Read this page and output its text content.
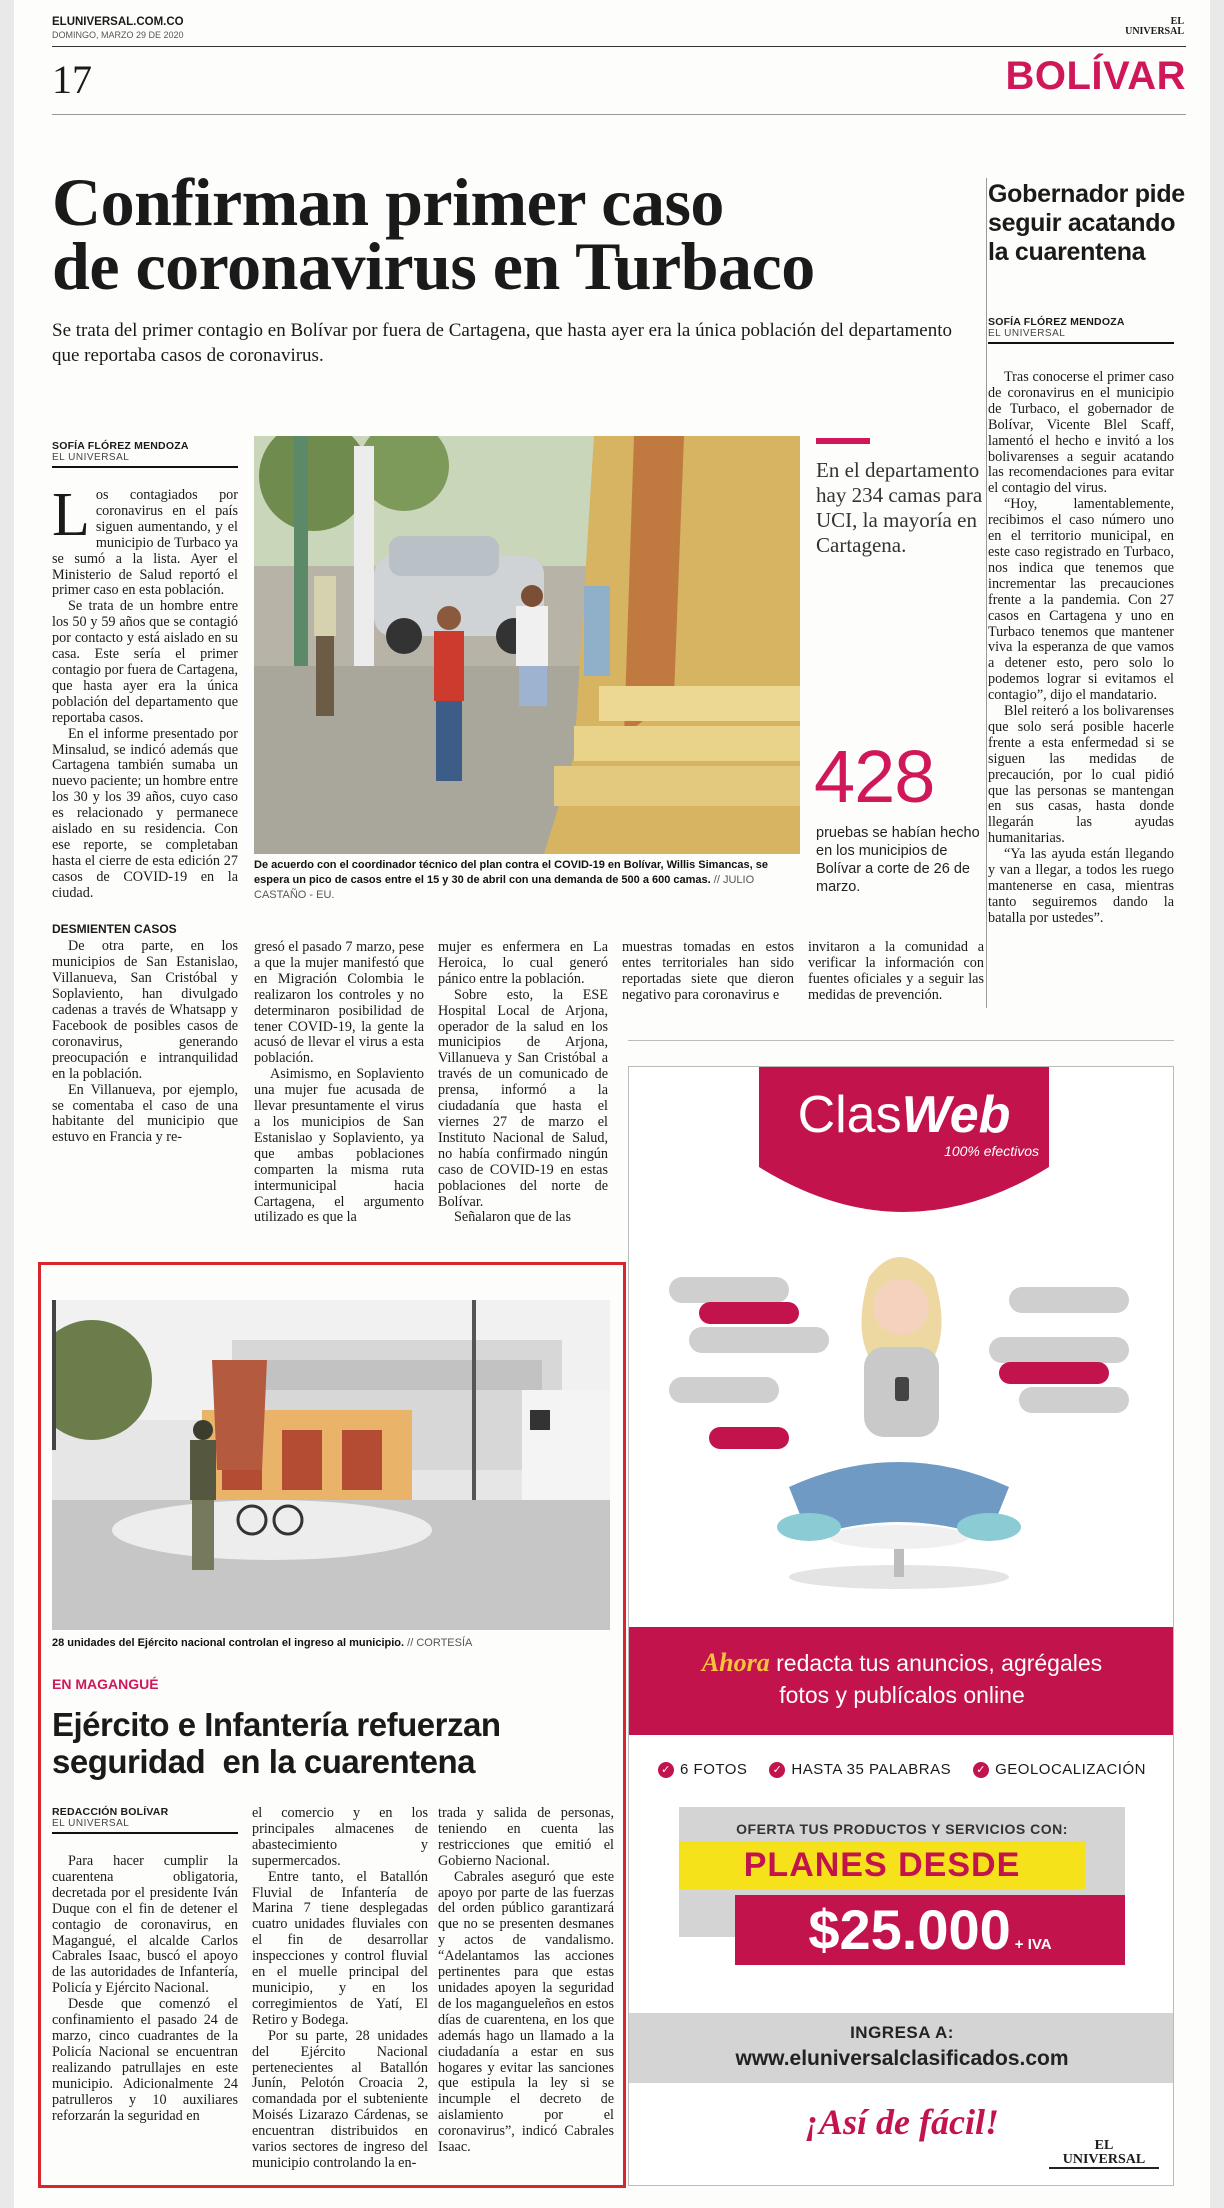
ELUNIVERSAL.COM.CO
DOMINGO, MARZO 29 DE 2020
EL
UNIVERSAL
17	BOLÍVAR
Confirman primer caso
de coronavirus en Turbaco
Se trata del primer contagio en Bolívar por fuera de Cartagena, que hasta ayer era la única población del departamento que reportaba casos de coronavirus.
SOFÍA FLÓREZ MENDOZA
EL UNIVERSAL
L os contagiados por coronavirus en el país siguen aumentando, y el municipio de Turbaco ya se sumó a la lista. Ayer el Ministerio de Salud reportó el primer caso en esta población.

Se trata de un hombre entre los 50 y 59 años que se contagió por contacto y está aislado en su casa. Este sería el primer contagio por fuera de Cartagena, que hasta ayer era la única población del departamento que reportaba casos.

En el informe presentado por Minsalud, se indicó además que Cartagena también sumaba un nuevo paciente; un hombre entre los 30 y los 39 años, cuyo caso es relacionado y permanece aislado en su residencia. Con ese reporte, se completaban hasta el cierre de esta edición 27 casos de COVID-19 en la ciudad.

DESMIENTEN CASOS

De otra parte, en los municipios de San Estanislao, Villanueva, San Cristóbal y Soplaviento, han divulgado cadenas a través de Whatsapp y Facebook de posibles casos de coronavirus, generando preocupación e intranquilidad en la población.

En Villanueva, por ejemplo, se comentaba el caso de una habitante del municipio que estuvo en Francia y re-

De acuerdo con el coordinador técnico del plan contra el COVID-19 en Bolívar, Willis Simancas, se espera un pico de casos entre el 15 y 30 de abril con una demanda de 500 a 600 camas. // JULIO CASTAÑO - EU.
En el departamento hay 234 camas para UCI, la mayoría en Cartagena.
428
pruebas se habían hecho en los municipios de Bolívar a corte de 26 de marzo.

gresó el pasado 7 marzo, pese a que la mujer manifestó que en Migración Colombia le realizaron los controles y no determinaron posibilidad de tener COVID-19, la gente la acusó de llevar el virus a esta población.

Asimismo, en Soplaviento una mujer fue acusada de llevar presuntamente el virus a los municipios de San Estanislao y Soplaviento, ya que ambas poblaciones comparten la misma ruta intermunicipal hacia Cartagena, el argumento utilizado es que la

mujer es enfermera en La Heroica, lo cual generó pánico entre la población.

Sobre esto, la ESE Hospital Local de Arjona, operador de la salud en los municipios de Arjona, Villanueva y San Cristóbal a través de un comunicado de prensa, informó a la ciudadanía que hasta el viernes 27 de marzo el Instituto Nacional de Salud, no había confirmado ningún caso de COVID-19 en estas poblaciones del norte de Bolívar.

Señalaron que de las

muestras tomadas en estos entes territoriales han sido reportadas siete que dieron negativo para coronavirus e

invitaron a la comunidad a verificar la información con fuentes oficiales y a seguir las medidas de prevención.

Gobernador pide seguir acatando la cuarentena
SOFÍA FLÓREZ MENDOZA
EL UNIVERSAL

Tras conocerse el primer caso de coronavirus en el municipio de Turbaco, el gobernador de Bolívar, Vicente Blel Scaff, lamentó el hecho e invitó a los bolivarenses a seguir acatando las recomendaciones para evitar el contagio del virus.

“Hoy, lamentablemente, recibimos el caso número uno en el territorio municipal, en este caso registrado en Turbaco, nos indica que tenemos que incrementar las precauciones frente a la pandemia. Con 27 casos en Cartagena y uno en Turbaco tenemos que mantener viva la esperanza de que vamos a detener esto, pero solo lo podemos lograr si evitamos el contagio”, dijo el mandatario.

Blel reiteró a los bolivarenses que solo será posible hacerle frente a esta enfermedad si se siguen las medidas de precaución, por lo cual pidió que las personas se mantengan en sus casas, hasta donde llegarán las ayudas humanitarias.

“Ya las ayuda están llegando y van a llegar, a todos les ruego mantenerse en casa, mientras tanto seguiremos dando la batalla por ustedes”.

28 unidades del Ejército nacional controlan el ingreso al municipio. // CORTESÍA
EN MAGANGUÉ
Ejército e Infantería refuerzan
seguridad  en la cuarentena
REDACCIÓN BOLÍVAR
EL UNIVERSAL

Para hacer cumplir la cuarentena obligatoria, decretada por el presidente Iván Duque con el fin de detener el contagio de coronavirus, en Magangué, el alcalde Carlos Cabrales Isaac, buscó el apoyo de las autoridades de Infantería, Policía y Ejército Nacional.

Desde que comenzó el confinamiento el pasado 24 de marzo, cinco cuadrantes de la Policía Nacional se encuentran realizando patrullajes en este municipio. Adicionalmente 24 patrulleros y 10 auxiliares reforzarán la seguridad en

el comercio y en los principales almacenes de abastecimiento y supermercados.

Entre tanto, el Batallón Fluvial de Infantería de Marina 7 tiene desplegadas cuatro unidades fluviales con el fin de desarrollar inspecciones y control fluvial en el muelle principal del municipio, y en los corregimientos de Yatí, El Retiro y Bodega.

Por su parte, 28 unidades del Ejército Nacional pertenecientes al Batallón Junín, Pelotón Croacia 2, comandada por el subteniente Moisés Lizarazo Cárdenas, se encuentran distribuidos en varios sectores de ingreso del municipio controlando la en-

trada y salida de personas, teniendo en cuenta las restricciones que emitió el Gobierno Nacional.

Cabrales aseguró que este apoyo por parte de las fuerzas del orden público garantizará que no se presenten desmanes y actos de vandalismo. “Adelantamos las acciones pertinentes para que estas unidades apoyen la seguridad de los magangueleños en estos días de cuarentena, en los que además hago un llamado a la ciudadanía a estar en sus hogares y evitar las sanciones que estipula la ley si se incumple el decreto de aislamiento por el coronavirus”, indicó Cabrales Isaac.

ClasWeb
100% efectivos
Ahora redacta tus anuncios, agrégales
fotos y publícalos online
✓ 6 FOTOS ✓ HASTA 35 PALABRAS ✓ GEOLOCALIZACIÓN
OFERTA TUS PRODUCTOS Y SERVICIOS CON:
PLANES DESDE
$25.000 + IVA
INGRESA A:
www.eluniversalclasificados.com
¡Así de fácil!
EL
UNIVERSAL
